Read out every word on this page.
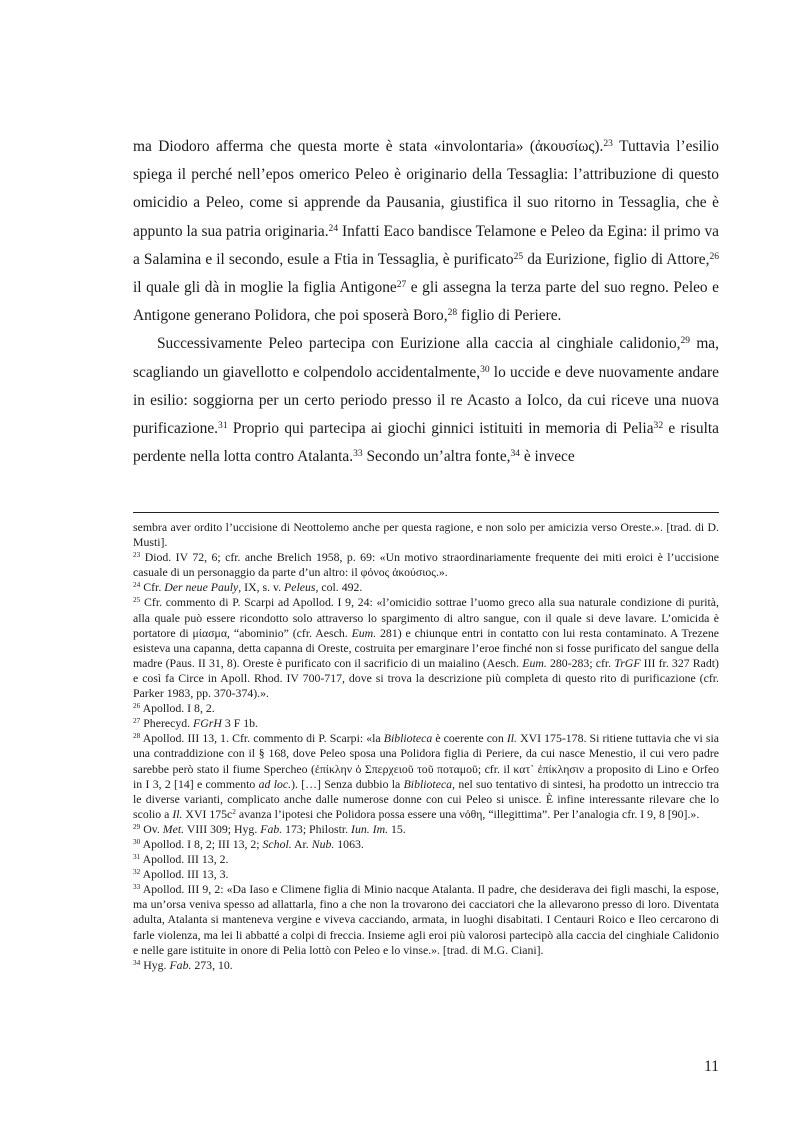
ma Diodoro afferma che questa morte è stata «involontaria» (ἀκουσίως).$^{23}$ Tuttavia l’esilio spiega il perché nell’epos omerico Peleo è originario della Tessaglia: l’attribuzione di questo omicidio a Peleo, come si apprende da Pausania, giustifica il suo ritorno in Tessaglia, che è appunto la sua patria originaria.$^{24}$ Infatti Eaco bandisce Telamone e Peleo da Egina: il primo va a Salamina e il secondo, esule a Ftia in Tessaglia, è purificato$^{25}$ da Eurizione, figlio di Attore,$^{26}$ il quale gli dà in moglie la figlia Antigone$^{27}$ e gli assegna la terza parte del suo regno. Peleo e Antigone generano Polidora, che poi sposerà Boro,$^{28}$ figlio di Periere.

Successivamente Peleo partecipa con Eurizione alla caccia al cinghiale calidonio,$^{29}$ ma, scagliando un giavellotto e colpendolo accidentalmente,$^{30}$ lo uccide e deve nuovamente andare in esilio: soggiorna per un certo periodo presso il re Acasto a Iolco, da cui riceve una nuova purificazione.$^{31}$ Proprio qui partecipa ai giochi ginnici istituiti in memoria di Pelia$^{32}$ e risulta perdente nella lotta contro Atalanta.$^{33}$ Secondo un’altra fonte,$^{34}$ è invece

sembra aver ordito l’uccisione di Neottolemo anche per questa ragione, e non solo per amicizia verso Oreste.». [trad. di D. Musti].

$^{23}$ Diod. IV 72, 6; cfr. anche Brelich 1958, p. 69: «Un motivo straordinariamente frequente dei miti eroici è l’uccisione casuale di un personaggio da parte d’un altro: il φόνος ἀκούσιος.».

$^{24}$ Cfr. Der neue Pauly, IX, s. v. Peleus, col. 492.

$^{25}$ Cfr. commento di P. Scarpi ad Apollod. I 9, 24: «l’omicidio sottrae l’uomo greco alla sua naturale condizione di purità, alla quale può essere ricondotto solo attraverso lo spargimento di altro sangue, con il quale si deve lavare. L’omicida è portatore di μίασμα, “abominio” (cfr. Aesch. Eum. 281) e chiunque entri in contatto con lui resta contaminato. A Trezene esisteva una capanna, detta capanna di Oreste, costruita per emarginare l’eroe finché non si fosse purificato del sangue della madre (Paus. II 31, 8). Oreste è purificato con il sacrificio di un maialino (Aesch. Eum. 280-283; cfr. TrGF III fr. 327 Radt) e così fa Circe in Apoll. Rhod. IV 700-717, dove si trova la descrizione più completa di questo rito di purificazione (cfr. Parker 1983, pp. 370-374).».

$^{26}$ Apollod. I 8, 2.

$^{27}$ Pherecyd. FGrH 3 F 1b.

$^{28}$ Apollod. III 13, 1. Cfr. commento di P. Scarpi: «la Biblioteca è coerente con Il. XVI 175-178. Si ritiene tuttavia che vi sia una contraddizione con il § 168, dove Peleo sposa una Polidora figlia di Periere, da cui nasce Menestio, il cui vero padre sarebbe però stato il fiume Spercheo (ἐπίκλην ὁ Σπερχειοῦ τοῦ ποταμοῦ; cfr. il κατ᾽ ἐπίκλησιν a proposito di Lino e Orfeo in I 3, 2 [14] e commento ad loc.). […] Senza dubbio la Biblioteca, nel suo tentativo di sintesi, ha prodotto un intreccio tra le diverse varianti, complicato anche dalle numerose donne con cui Peleo si unisce. È infine interessante rilevare che lo scolio a Il. XVI $175c^2$ avanza l’ipotesi che Polidora possa essere una νόθη, “illegittima”. Per l’analogia cfr. I 9, 8 [90].».

$^{29}$ Ov. Met. VIII 309; Hyg. Fab. 173; Philostr. Iun. Im. 15.

$^{30}$ Apollod. I 8, 2; III 13, 2; Schol. Ar. Nub. 1063.

$^{31}$ Apollod. III 13, 2.

$^{32}$ Apollod. III 13, 3.

$^{33}$ Apollod. III 9, 2: «Da Iaso e Climene figlia di Minio nacque Atalanta. Il padre, che desiderava dei figli maschi, la espose, ma un’orsa veniva spesso ad allattarla, fino a che non la trovarono dei cacciatori che la allevarono presso di loro. Diventata adulta, Atalanta si manteneva vergine e viveva cacciando, armata, in luoghi disabitati. I Centauri Roico e Ileo cercarono di farle violenza, ma lei li abbatté a colpi di freccia. Insieme agli eroi più valorosi partecipò alla caccia del cinghiale Calidonio e nelle gare istituite in onore di Pelia lottò con Peleo e lo vinse.». [trad. di M.G. Ciani].

$^{34}$ Hyg. Fab. 273, 10.

11
